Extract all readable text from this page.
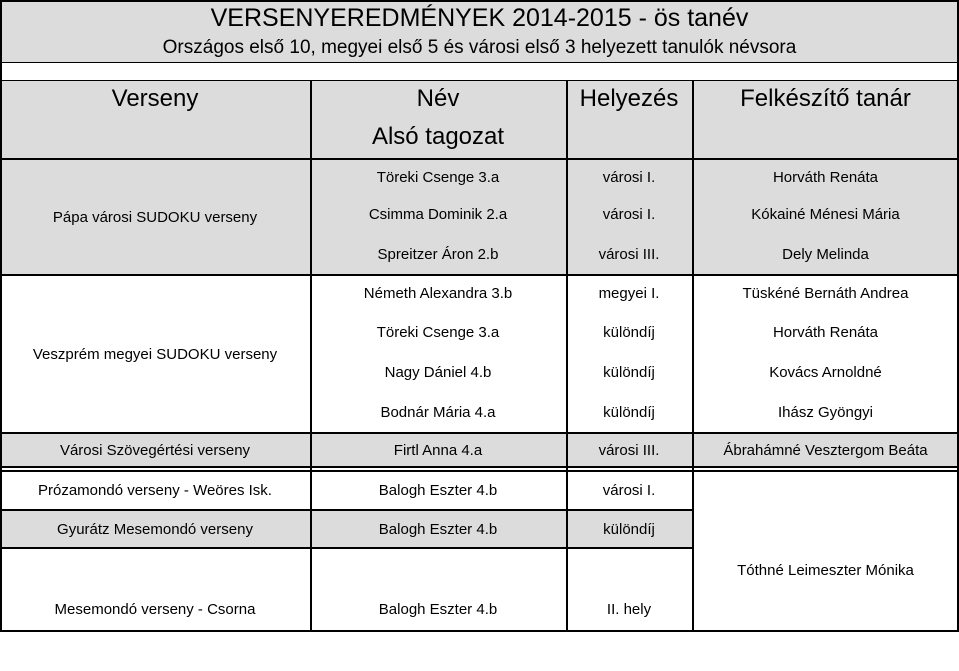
VERSENYEREDMÉNYEK 2014-2015 - ös tanév
Országos első 10, megyei első 5 és városi első 3 helyezett tanulók névsora
Verseny	Név	Helyezés	Felkészítő tanár
Alsó tagozat
Pápa városi SUDOKU verseny
Töreki Csenge 3.a	városi I.	Horváth Renáta
Csimma Dominik 2.a	városi I.	Kókainé Ménesi Mária
Spreitzer Áron 2.b	városi III.	Dely Melinda
Veszprém megyei SUDOKU verseny
Németh Alexandra 3.b	megyei I.	Tüskéné Bernáth Andrea
Töreki Csenge 3.a	különdíj	Horváth Renáta
Nagy Dániel 4.b	különdíj	Kovács Arnoldné
Bodnár Mária 4.a	különdíj	Ihász Gyöngyi
Városi Szövegértési verseny	Firtl Anna 4.a	városi III.	Ábrahámné Vesztergom Beáta
Prózamondó verseny - Weöres Isk.	Balogh Eszter 4.b	városi I.
Gyurátz Mesemondó verseny	Balogh Eszter 4.b	különdíj
Mesemondó verseny - Csorna	Balogh Eszter 4.b	II. hely
Tóthné Leimeszter Mónika
